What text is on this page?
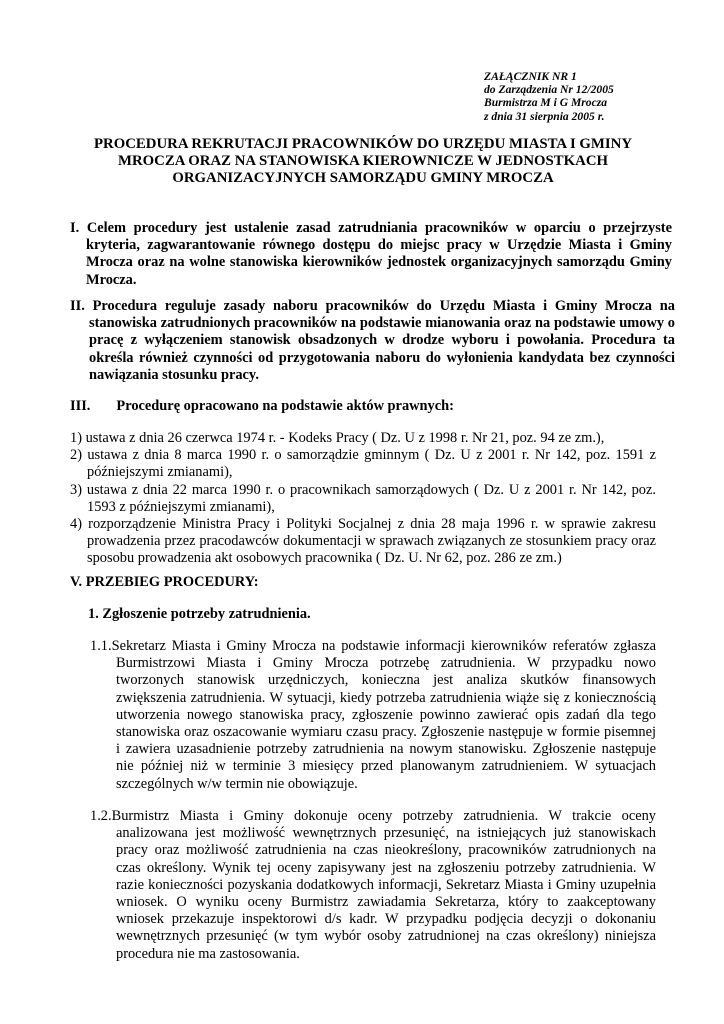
ZAŁĄCZNIK NR 1
do Zarządzenia Nr 12/2005
Burmistrza M i G Mrocza
z dnia 31 sierpnia 2005 r.
PROCEDURA REKRUTACJI PRACOWNIKÓW DO URZĘDU MIASTA I GMINY
MROCZA ORAZ NA STANOWISKA KIEROWNICZE W JEDNOSTKACH
ORGANIZACYJNYCH SAMORZĄDU GMINY MROCZA
I. Celem procedury jest ustalenie zasad zatrudniania pracowników w oparciu o przejrzyste kryteria, zagwarantowanie równego dostępu do miejsc pracy w Urzędzie Miasta i Gminy Mrocza oraz na wolne stanowiska kierowników jednostek organizacyjnych samorządu Gminy Mrocza.
II. Procedura reguluje zasady naboru pracowników do Urzędu Miasta i Gminy Mrocza na stanowiska zatrudnionych pracowników na podstawie mianowania oraz na podstawie umowy o pracę z wyłączeniem stanowisk obsadzonych w drodze wyboru i powołania. Procedura ta określa również czynności od przygotowania naboru do wyłonienia kandydata bez czynności nawiązania stosunku pracy.
III. Procedurę opracowano na podstawie aktów prawnych:
1) ustawa z dnia 26 czerwca 1974 r. - Kodeks Pracy ( Dz. U z 1998 r. Nr 21, poz. 94 ze zm.),
2) ustawa z dnia 8 marca 1990 r. o samorządzie gminnym ( Dz. U z 2001 r. Nr 142, poz. 1591 z późniejszymi zmianami),
3) ustawa z dnia 22 marca 1990 r. o pracownikach samorządowych ( Dz. U z 2001 r. Nr 142, poz. 1593 z późniejszymi zmianami),
4) rozporządzenie Ministra Pracy i Polityki Socjalnej z dnia 28 maja 1996 r. w sprawie zakresu prowadzenia przez pracodawców dokumentacji w sprawach związanych ze stosunkiem pracy oraz sposobu prowadzenia akt osobowych pracownika ( Dz. U. Nr 62, poz. 286 ze zm.)
V. PRZEBIEG PROCEDURY:
1. Zgłoszenie potrzeby zatrudnienia.
1.1.Sekretarz Miasta i Gminy Mrocza na podstawie informacji kierowników referatów zgłasza Burmistrzowi Miasta i Gminy Mrocza potrzebę zatrudnienia. W przypadku nowo tworzonych stanowisk urzędniczych, konieczna jest analiza skutków finansowych zwiększenia zatrudnienia. W sytuacji, kiedy potrzeba zatrudnienia wiąże się z koniecznością utworzenia nowego stanowiska pracy, zgłoszenie powinno zawierać opis zadań dla tego stanowiska oraz oszacowanie wymiaru czasu pracy. Zgłoszenie następuje w formie pisemnej i zawiera uzasadnienie potrzeby zatrudnienia na nowym stanowisku. Zgłoszenie następuje nie później niż w terminie 3 miesięcy przed planowanym zatrudnieniem. W sytuacjach szczególnych w/w termin nie obowiązuje.
1.2.Burmistrz Miasta i Gminy dokonuje oceny potrzeby zatrudnienia. W trakcie oceny analizowana jest możliwość wewnętrznych przesunięć, na istniejących już stanowiskach pracy oraz możliwość zatrudnienia na czas nieokreślony, pracowników zatrudnionych na czas określony. Wynik tej oceny zapisywany jest na zgłoszeniu potrzeby zatrudnienia. W razie konieczności pozyskania dodatkowych informacji, Sekretarz Miasta i Gminy uzupełnia wniosek. O wyniku oceny Burmistrz zawiadamia Sekretarza, który to zaakceptowany wniosek przekazuje inspektorowi d/s kadr. W przypadku podjęcia decyzji o dokonaniu wewnętrznych przesunięć (w tym wybór osoby zatrudnionej na czas określony) niniejsza procedura nie ma zastosowania.
